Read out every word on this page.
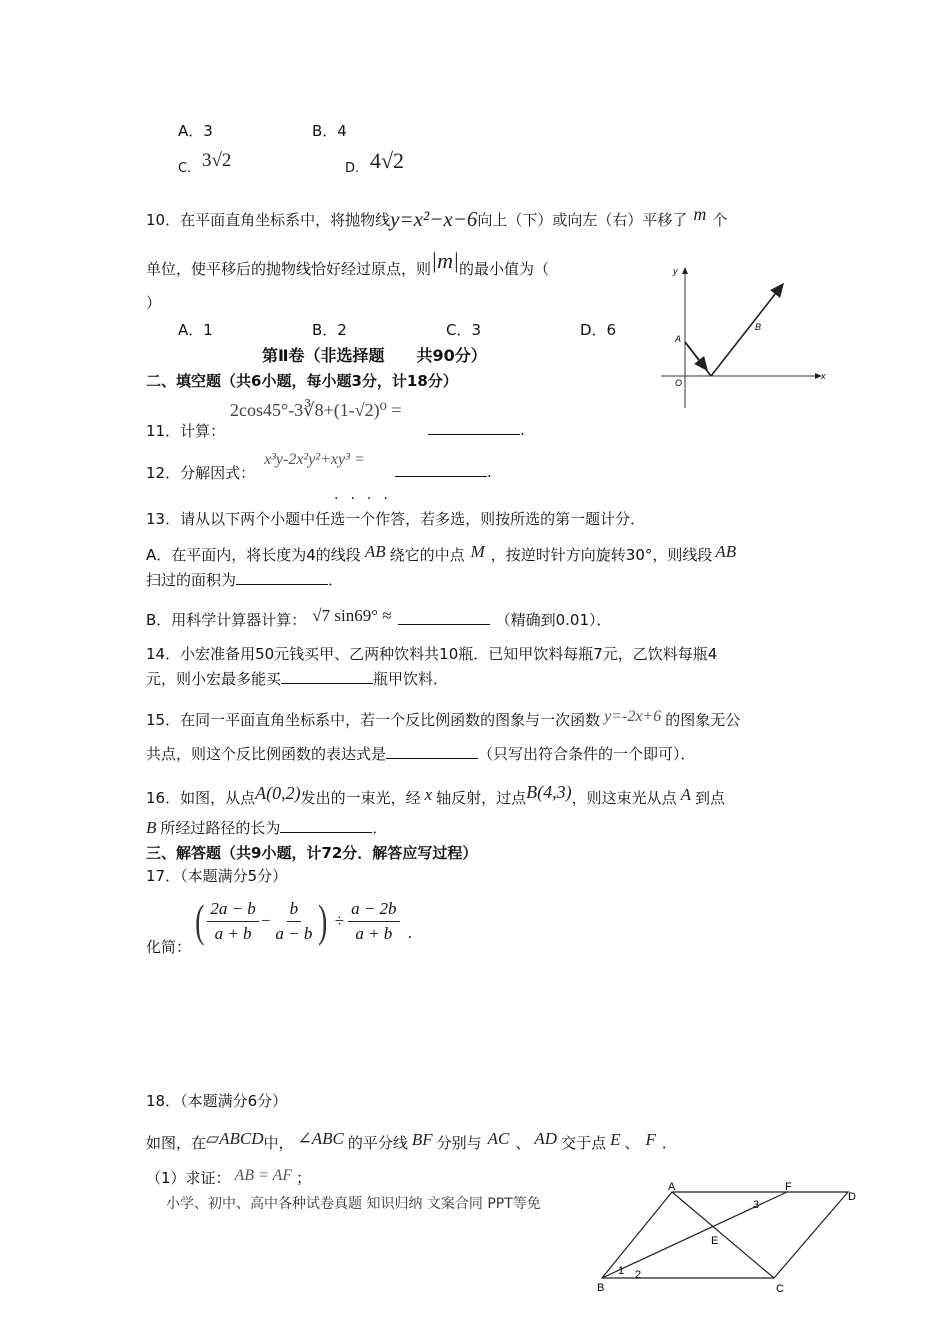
A．3	B．4
C. 3√2	D. 4√2
10．在平面直角坐标系中，将抛物线y=x²−x−6向上（下）或向左（右）平移了 m 个
单位，使平移后的抛物线恰好经过原点，则|m|的最小值为（
）
A．1	B．2	C．3	D．6
y
x
O
A
B
第Ⅱ卷（非选择题　　共90分）
二、填空题（共6小题，每小题3分，计18分）
11．计算：
2cos45°-3∛8+(1-√2)⁰ =
.
12．分解因式：
x³y-2x²y²+xy³ =
.
....
13．请从以下两个小题中任选一个作答，若多选，则按所选的第一题计分．
A．在平面内，将长度为4的线段 AB 绕它的中点 M ，按逆时针方向旋转30°，则线段 AB
扫过的面积为	．
B．用科学计算器计算： √7 sin69° ≈	（精确到0.01）．
14．小宏准备用50元钱买甲、乙两种饮料共10瓶．已知甲饮料每瓶7元，乙饮料每瓶4
元，则小宏最多能买	瓶甲饮料．
15．在同一平面直角坐标系中，若一个反比例函数的图象与一次函数 y=-2x+6 的图象无公
共点，则这个反比例函数的表达式是	（只写出符合条件的一个即可）．
16．如图，从点A(0,2)发出的一束光，经 x 轴反射，过点B(4,3)，则这束光从点 A 到点
B 所经过路径的长为	．
三、解答题（共9小题，计72分．解答应写过程）
17．（本题满分5分）
化简：
( $\frac{2a - b}{a + b} - \frac{b}{a - b}$ ) ÷ $\frac{a - 2b}{a + b}$ .
18．（本题满分6分）
如图，在▱ABCD中， ∠ABC 的平分线 BF 分别与 AC 、 AD 交于点 E 、 F ．
（1）求证： AB = AF ；
小学、初中、高中各种试卷真题 知识归纳 文案合同 PPT等免
A	F
D
E
B	C
1 2
3
